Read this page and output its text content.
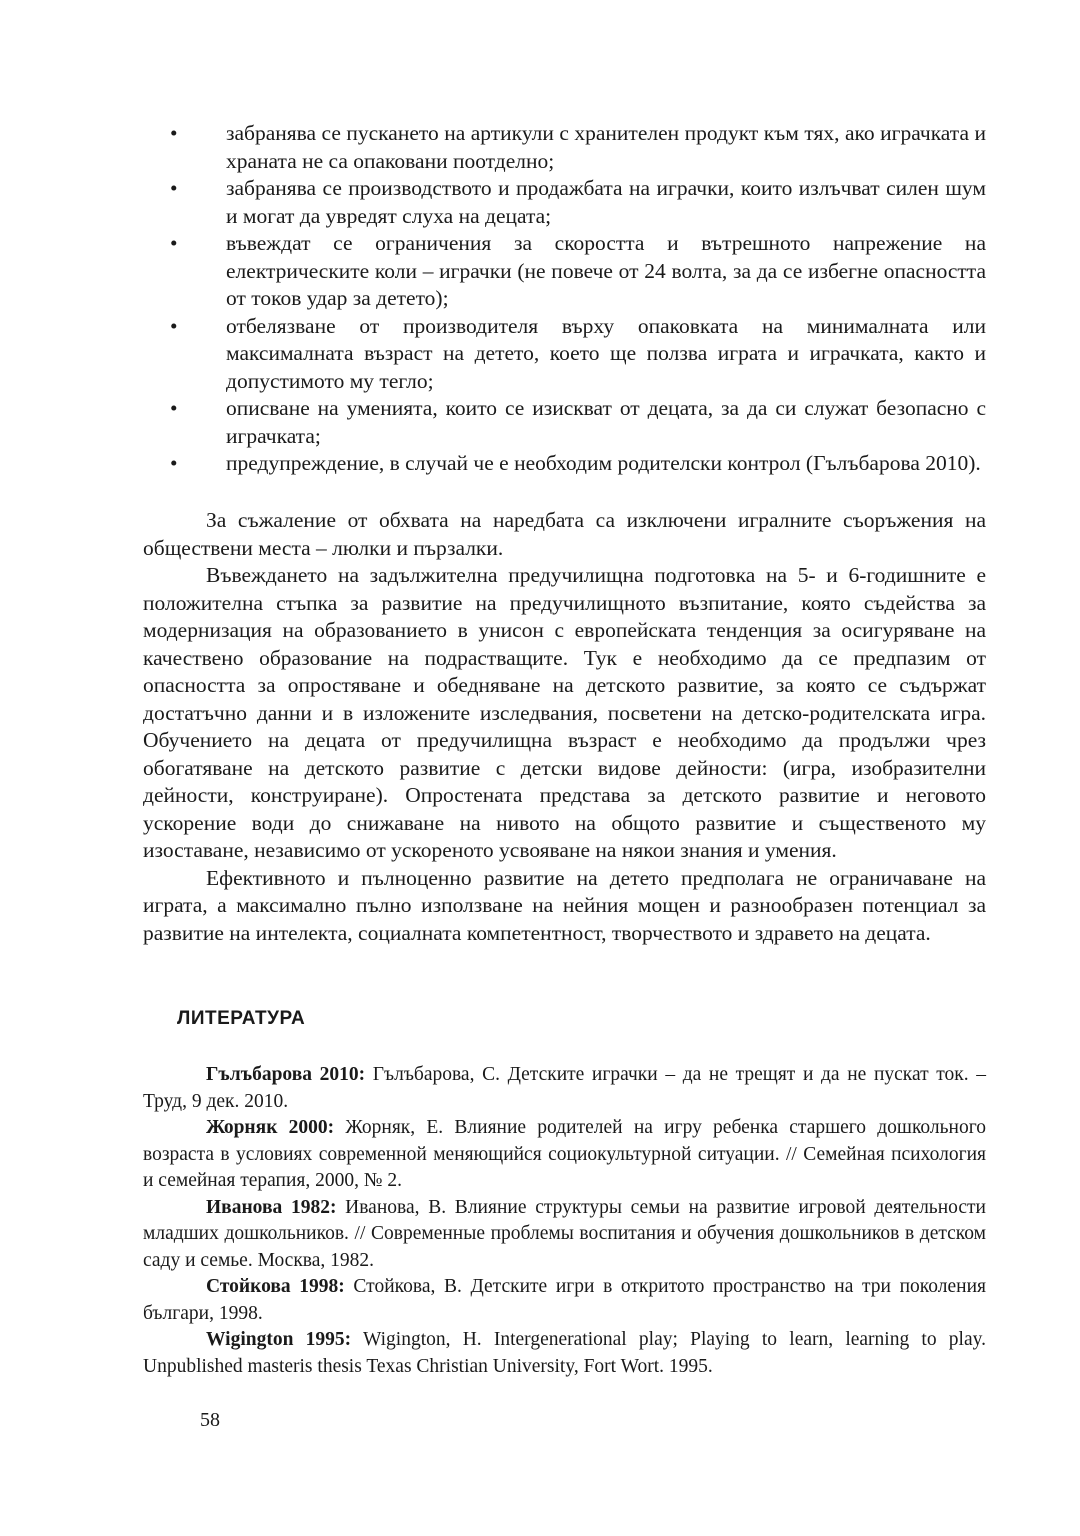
• забранява се пускането на артикули с хранителен продукт към тях, ако играчката и храната не са опаковани поотделно;
• забранява се производството и продажбата на играчки, които излъчват силен шум и могат да увредят слуха на децата;
• въвеждат се ограничения за скоростта и вътрешното напрежение на електрическите коли – играчки (не повече от 24 волта, за да се избегне опасността от токов удар за детето);
• отбелязване от производителя върху опаковката на минималната или максималната възраст на детето, което ще ползва играта и играчката, както и допустимото му тегло;
• описване на уменията, които се изискват от децата, за да си служат безопасно с играчката;
• предупреждение, в случай че е необходим родителски контрол (Гълъбарова 2010).

За съжаление от обхвата на наредбата са изключени игралните съоръжения на обществени места – люлки и пързалки.

Въвеждането на задължителна предучилищна подготовка на 5- и 6-годишните е положителна стъпка за развитие на предучилищното възпитание, която съдейства за модернизация на образованието в унисон с европейската тенденция за осигуряване на качествено образование на подрастващите. Тук е необходимо да се предпазим от опасността за опростяване и обедняване на детското развитие, за която се съдържат достатъчно данни и в изложените изследвания, посветени на детско-родителската игра. Обучението на децата от предучилищна възраст е необходимо да продължи чрез обогатяване на детското развитие с детски видове дейности: (игра, изобразителни дейности, конструиране). Опростената представа за детското развитие и неговото ускорение води до снижаване на нивото на общото развитие и същественото му изоставане, независимо от ускореното усвояване на някои знания и умения.

Ефективното и пълноценно развитие на детето предполага не ограничаване на играта, а максимално пълно използване на нейния мощен и разнообразен потенциал за развитие на интелекта, социалната компетентност, творчеството и здравето на децата.

ЛИТЕРАТУРА

Гълъбарова 2010: Гълъбарова, С. Детските играчки – да не трещят и да не пускат ток. – Труд, 9 дек. 2010.

Жорняк 2000: Жорняк, Е. Влияние родителей на игру ребенка старшего дошкольного возраста в условиях современной меняющийся социокультурной ситуации. // Семейная психология и семейная терапия, 2000, № 2.

Иванова 1982: Иванова, В. Влияние структуры семьи на развитие игровой деятельности младших дошкольников. // Современные проблемы воспитания и обучения дошкольников в детском саду и семье. Москва, 1982.

Стойкова 1998: Стойкова, В. Детските игри в откритото пространство на три поколения българи, 1998.

Wigington 1995: Wigington, H. Intergenerational play; Playing to learn, learning to play. Unpublished masteris thesis Texas Christian University, Fort Wort. 1995.

58
